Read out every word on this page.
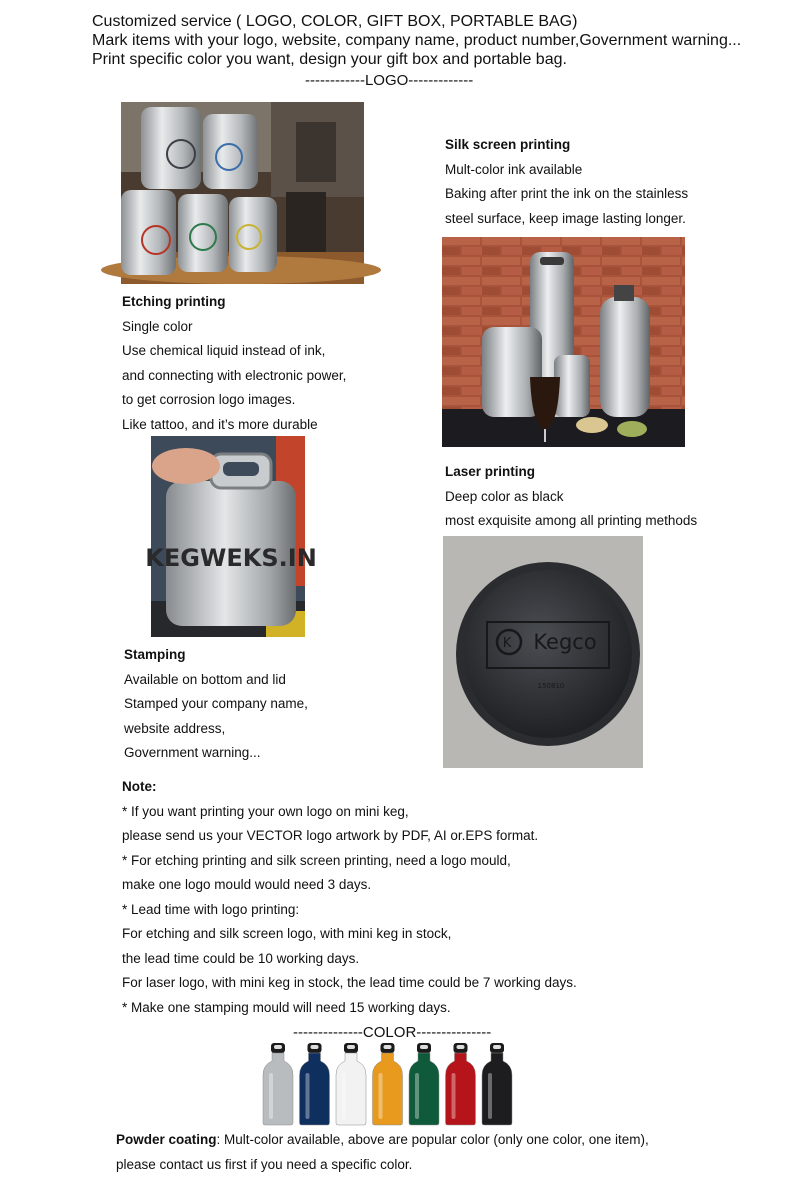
Customized service ( LOGO, COLOR, GIFT BOX, PORTABLE BAG)
Mark items with your logo, website, company name, product number,Government warning...
Print specific color you want, design your gift box and portable bag.
------------LOGO-------------
Etching printing
Single color
Use chemical liquid instead of ink,
and connecting with electronic power,
to get corrosion logo images.
Like tattoo, and it’s more durable
Silk screen printing
Mult-color ink available
Baking after print the ink on the stainless
steel surface, keep image lasting longer.
KEGWEKS.IN
Laser printing
Deep color as black
most exquisite among all printing methods
K Kegco
150810
Stamping
Available on bottom and lid
Stamped your company name,
website address,
Government warning...
Note:
* If you want printing your own logo on mini keg,
please send us your VECTOR logo artwork by PDF, AI or.EPS format.
* For etching printing and silk screen printing, need a logo mould,
make one logo mould would need 3 days.
* Lead time with logo printing:
For etching and silk screen logo, with mini keg in stock,
the lead time could be 10 working days.
For laser logo, with mini keg in stock, the lead time could be 7 working days.
* Make one stamping mould will need 15 working days.
--------------COLOR---------------
Powder coating: Mult-color available, above are popular color (only one color, one item),
please contact us first if you need a specific color.
